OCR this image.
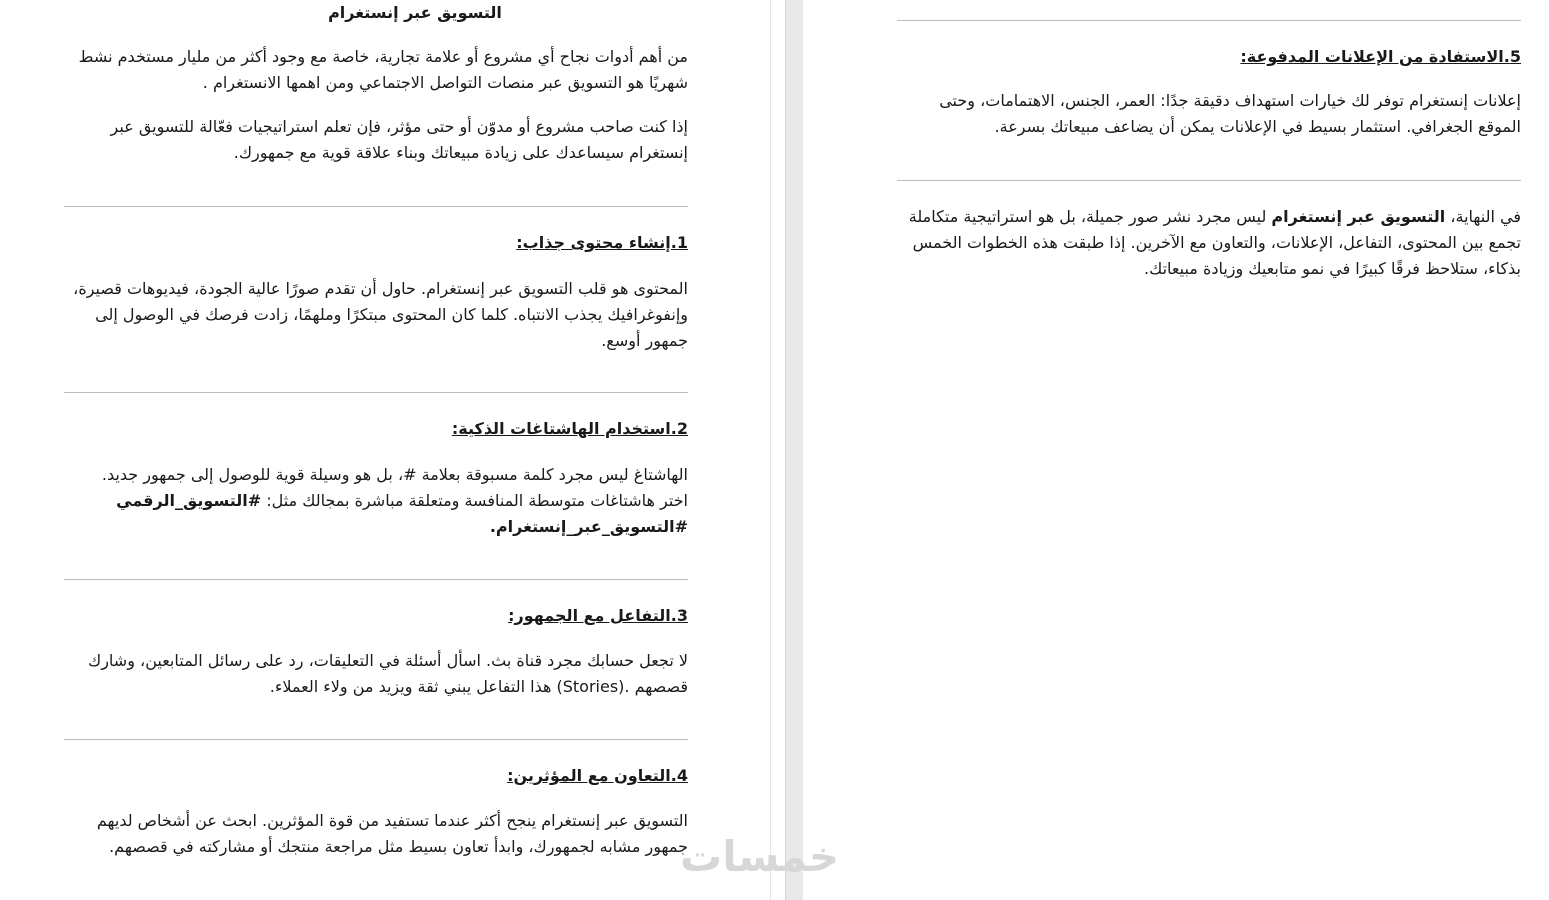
التسويق عبر إنستغرام

من أهم أدوات نجاح أي مشروع أو علامة تجارية، خاصة مع وجود أكثر من مليار مستخدم نشط شهريًا هو التسويق عبر منصات التواصل الاجتماعي ومن اهمها الانستغرام .

إذا كنت صاحب مشروع أو مدوّن أو حتى مؤثر، فإن تعلم استراتيجيات فعّالة للتسويق عبر إنستغرام سيساعدك على زيادة مبيعاتك وبناء علاقة قوية مع جمهورك.

1.إنشاء محتوى جذاب:

المحتوى هو قلب التسويق عبر إنستغرام. حاول أن تقدم صورًا عالية الجودة، فيديوهات قصيرة، وإنفوغرافيك يجذب الانتباه. كلما كان المحتوى مبتكرًا وملهمًا، زادت فرصك في الوصول إلى جمهور أوسع.

2.استخدام الهاشتاغات الذكية:

الهاشتاغ ليس مجرد كلمة مسبوقة بعلامة #، بل هو وسيلة قوية للوصول إلى جمهور جديد. اختر هاشتاغات متوسطة المنافسة ومتعلقة مباشرة بمجالك مثل: #التسويق_الرقمي #التسويق_عبر_إنستغرام.

3.التفاعل مع الجمهور:

لا تجعل حسابك مجرد قناة بث. اسأل أسئلة في التعليقات، رد على رسائل المتابعين، وشارك قصصهم .(Stories) هذا التفاعل يبني ثقة ويزيد من ولاء العملاء.

4.التعاون مع المؤثرين:

التسويق عبر إنستغرام ينجح أكثر عندما تستفيد من قوة المؤثرين. ابحث عن أشخاص لديهم جمهور مشابه لجمهورك، وابدأ تعاون بسيط مثل مراجعة منتجك أو مشاركته في قصصهم.

خمسات

5.الاستفادة من الإعلانات المدفوعة:

إعلانات إنستغرام توفر لك خيارات استهداف دقيقة جدًا: العمر، الجنس، الاهتمامات، وحتى الموقع الجغرافي. استثمار بسيط في الإعلانات يمكن أن يضاعف مبيعاتك بسرعة.

في النهاية، التسويق عبر إنستغرام ليس مجرد نشر صور جميلة، بل هو استراتيجية متكاملة تجمع بين المحتوى، التفاعل، الإعلانات، والتعاون مع الآخرين. إذا طبقت هذه الخطوات الخمس بذكاء، ستلاحظ فرقًا كبيرًا في نمو متابعيك وزيادة مبيعاتك.
